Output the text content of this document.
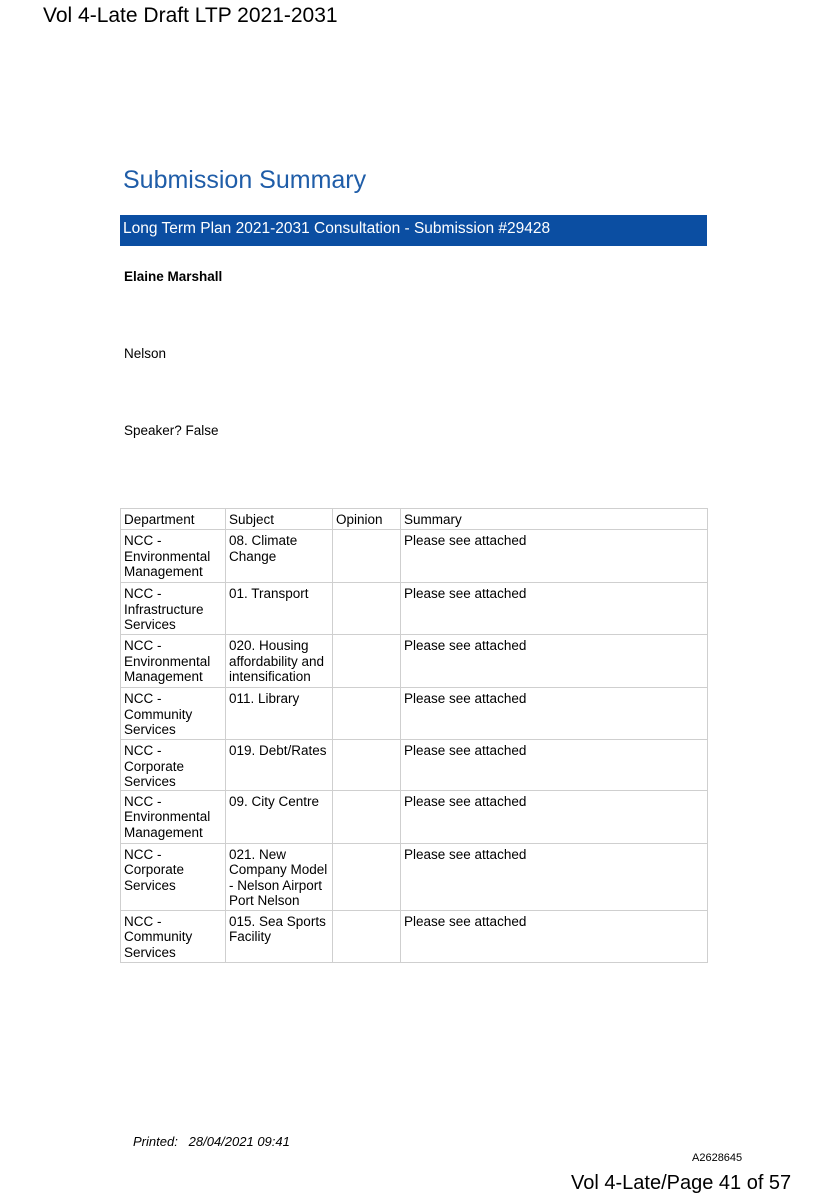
Vol 4-Late Draft LTP 2021-2031
Submission Summary
Long Term Plan 2021-2031 Consultation - Submission #29428
Elaine Marshall
Nelson
Speaker? False
Department	Subject	Opinion	Summary
NCC - Environmental Management	08. Climate Change		Please see attached
NCC - Infrastructure Services	01. Transport		Please see attached
NCC - Environmental Management	020. Housing affordability and intensification		Please see attached
NCC - Community Services	011. Library		Please see attached
NCC - Corporate Services	019. Debt/Rates		Please see attached
NCC - Environmental Management	09. City Centre		Please see attached
NCC - Corporate Services	021. New Company Model - Nelson Airport Port Nelson		Please see attached
NCC - Community Services	015. Sea Sports Facility		Please see attached
Printed:   28/04/2021 09:41
A2628645
Vol 4-Late/Page 41 of 57
